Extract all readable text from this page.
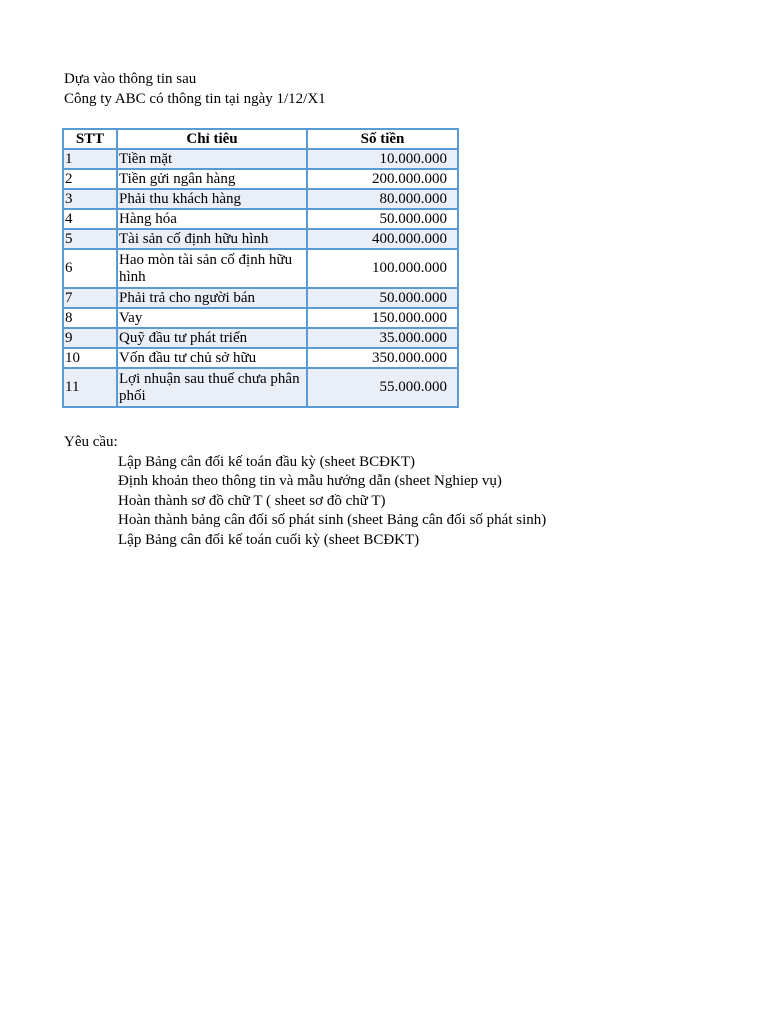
Dựa vào thông tin sau
Công ty ABC có thông tin tại ngày 1/12/X1
STT	Chỉ tiêu	Số tiền
1	Tiền mặt	10.000.000
2	Tiền gửi ngân hàng	200.000.000
3	Phải thu khách hàng	80.000.000
4	Hàng hóa	50.000.000
5	Tài sản cố định hữu hình	400.000.000
6	Hao mòn tài sản cố định hữu hình	100.000.000
7	Phải trả cho người bán	50.000.000
8	Vay	150.000.000
9	Quỹ đầu tư phát triển	35.000.000
10	Vốn đầu tư chủ sở hữu	350.000.000
11	Lợi nhuận sau thuế chưa phân phối	55.000.000
Yêu cầu:
Lập Bảng cân đối kế toán đầu kỳ (sheet BCĐKT)
Định khoản theo thông tin và mẫu hướng dẫn (sheet Nghiep vụ)
Hoàn thành sơ đồ chữ T ( sheet sơ đồ chữ T)
Hoàn thành bảng cân đối số phát sinh (sheet Bảng cân đối số phát sinh)
Lập Bảng cân đối kế toán cuối kỳ (sheet BCĐKT)
